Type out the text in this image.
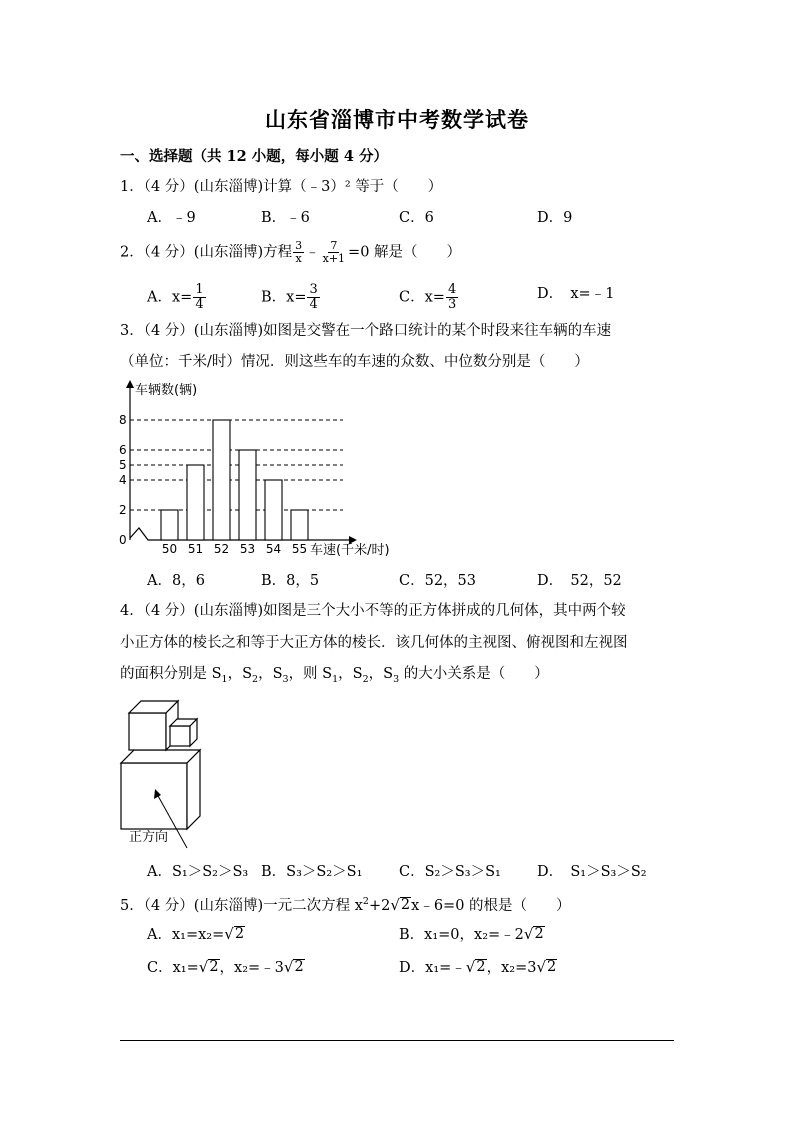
山东省淄博市中考数学试卷
一、选择题（共 12 小题，每小题 4 分）
1．（4 分）(山东淄博)计算（﹣3）² 等于（　　）
A．﹣9	B．﹣6	C．6	D．9
2．（4 分）(山东淄博)方程 $\frac{3}{x}$ ﹣ $\frac{7}{x+1} =0$ 解是（　　）
A．$x= \frac{1}{4}$	B．$x= \frac{3}{4}$	C．$x= \frac{4}{3}$	D．　x=﹣1
3．（4 分）(山东淄博)如图是交警在一个路口统计的某个时段来往车辆的车速
（单位：千米/时）情况．则这些车的车速的众数、中位数分别是（　　）
车辆数(辆)
车速(千米/时)
0
2
4
5
6
8
50 51 52 53 54 55
A．8，6	B．8，5	C．52，53	D．　52，52
4．（4 分）(山东淄博)如图是三个大小不等的正方体拼成的几何体，其中两个较
小正方体的棱长之和等于大正方体的棱长．该几何体的主视图、俯视图和左视图
的面积分别是 $S_1$，$S_2$，$S_3$，则 $S_1$，$S_2$，$S_3$ 的大小关系是（　　）
正方向
A．S₁＞S₂＞S₃ B．S₃＞S₂＞S₁	C．S₂＞S₃＞S₁ D．　S₁＞S₃＞S₂
5．（4 分）(山东淄博)一元二次方程 $x^2+2$ √ 2 x﹣6=0 的根是（　　）
A．x₁=x₂= √ 2	B．x₁=0，x₂=﹣2 √ 2
C．x₁= √ 2 ，x₂=﹣3 √ 2	D．x₁=﹣ √ 2 ，x₂=3 √ 2
